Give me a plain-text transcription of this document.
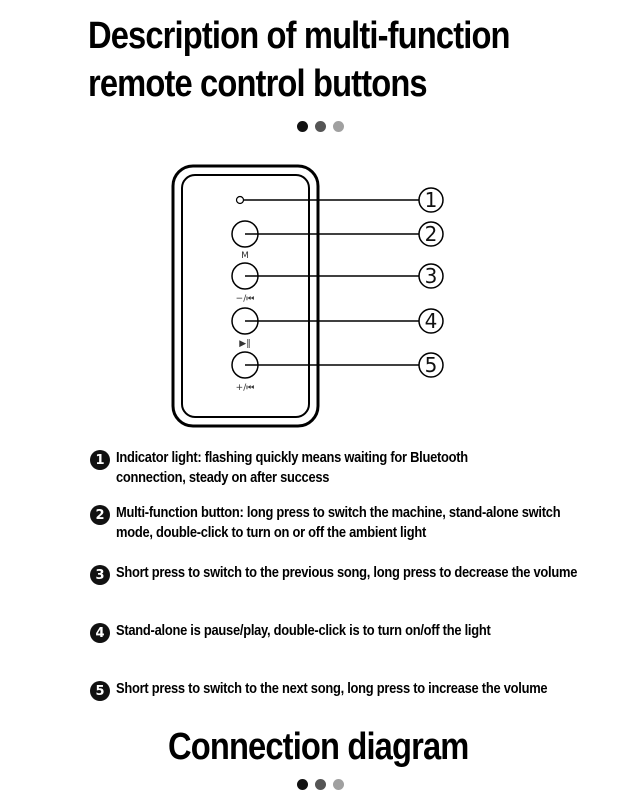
Description of multi-function
remote control buttons
M
−/⏮
▶‖
+/⏮
1
2
3
4
5
1 Indicator light: flashing quickly means waiting for Bluetooth connection, steady on after success
2 Multi-function button: long press to switch the machine, stand-alone switch mode, double-click to turn on or off the ambient light
3 Short press to switch to the previous song, long press to decrease the volume
4 Stand-alone is pause/play, double-click is to turn on/off the light
5 Short press to switch to the next song, long press to increase the volume
Connection diagram
